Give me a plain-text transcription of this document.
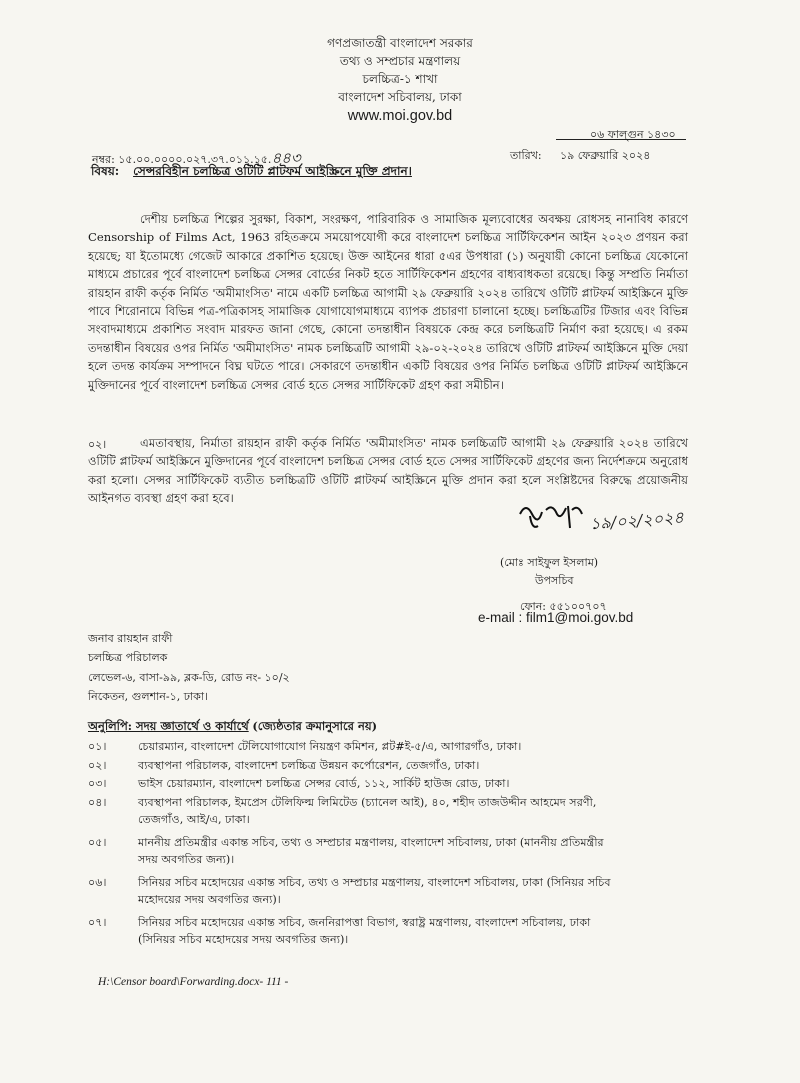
গণপ্রজাতন্ত্রী বাংলাদেশ সরকার
তথ্য ও সম্প্রচার মন্ত্রণালয়
চলচ্চিত্র-১ শাখা
বাংলাদেশ সচিবালয়, ঢাকা
www.moi.gov.bd
০৬ ফাল্গুন ১৪৩০
তারিখ: ১৯ ফেব্রুয়ারি ২০২৪
নম্বর: ১৫.০০.০০০০.০২৭.৩৭.০১১.১৫.৪৪৩
বিষয়: সেন্সরবিহীন চলচ্চিত্র ওটিটি প্লাটফর্ম আইস্ক্রিনে মুক্তি প্রদান।
দেশীয় চলচ্চিত্র শিল্পের সুরক্ষা, বিকাশ, সংরক্ষণ, পারিবারিক ও সামাজিক মূল্যবোধের অবক্ষয় রোধসহ নানাবিধ কারণে Censorship of Films Act, 1963 রহিতক্রমে সময়োপযোগী করে বাংলাদেশ চলচ্চিত্র সার্টিফিকেশন আইন ২০২৩ প্রণয়ন করা হয়েছে; যা ইতোমধ্যে গেজেট আকারে প্রকাশিত হয়েছে। উক্ত আইনের ধারা ৫এর উপধারা (১) অনুযায়ী কোনো চলচ্চিত্র যেকোনো মাধ্যমে প্রচারের পূর্বে বাংলাদেশ চলচ্চিত্র সেন্সর বোর্ডের নিকট হতে সার্টিফিকেশন গ্রহণের বাধ্যবাধকতা রয়েছে। কিন্তু সম্প্রতি নির্মাতা রায়হান রাফী কর্তৃক নির্মিত 'অমীমাংসিত' নামে একটি চলচ্চিত্র আগামী ২৯ ফেব্রুয়ারি ২০২৪ তারিখে ওটিটি প্লাটফর্ম আইস্ক্রিনে মুক্তি পাবে শিরোনামে বিভিন্ন পত্র-পত্রিকাসহ সামাজিক যোগাযোগমাধ্যমে ব্যাপক প্রচারণা চালানো হচ্ছে। চলচ্চিত্রটির টিজার এবং বিভিন্ন সংবাদমাধ্যমে প্রকাশিত সংবাদ মারফত জানা গেছে, কোনো তদন্তাধীন বিষয়কে কেন্দ্র করে চলচ্চিত্রটি নির্মাণ করা হয়েছে। এ রকম তদন্তাধীন বিষয়ের ওপর নির্মিত 'অমীমাংসিত' নামক চলচ্চিত্রটি আগামী ২৯-০২-২০২৪ তারিখে ওটিটি প্লাটফর্ম আইস্ক্রিনে মুক্তি দেয়া হলে তদন্ত কার্যক্রম সম্পাদনে বিঘ্ন ঘটতে পারে। সেকারণে তদন্তাধীন একটি বিষয়ের ওপর নির্মিত চলচ্চিত্র ওটিটি প্লাটফর্ম আইস্ক্রিনে মুক্তিদানের পূর্বে বাংলাদেশ চলচ্চিত্র সেন্সর বোর্ড হতে সেন্সর সার্টিফিকেট গ্রহণ করা সমীচীন।
০২।	এমতাবস্থায়, নির্মাতা রায়হান রাফী কর্তৃক নির্মিত 'অমীমাংসিত' নামক চলচ্চিত্রটি আগামী ২৯ ফেব্রুয়ারি ২০২৪ তারিখে ওটিটি প্লাটফর্ম আইস্ক্রিনে মুক্তিদানের পূর্বে বাংলাদেশ চলচ্চিত্র সেন্সর বোর্ড হতে সেন্সর সার্টিফিকেট গ্রহণের জন্য নির্দেশক্রমে অনুরোধ করা হলো। সেন্সর সার্টিফিকেট ব্যতীত চলচ্চিত্রটি ওটিটি প্লাটফর্ম আইস্ক্রিনে মুক্তি প্রদান করা হলে সংশ্লিষ্টদের বিরুদ্ধে প্রয়োজনীয় আইনগত ব্যবস্থা গ্রহণ করা হবে।
১৯/০২/২০২৪
(মোঃ সাইফুল ইসলাম)
উপসচিব
ফোন: ৫৫১০০৭০৭
e-mail : film1@moi.gov.bd
জনাব রায়হান রাফী
চলচ্চিত্র পরিচালক
লেভেল-৬, বাসা-৯৯, ব্লক-ডি, রোড নং- ১০/২
নিকেতন, গুলশান-১, ঢাকা।
অনুলিপি: সদয় জ্ঞাতার্থে ও কার্যার্থে (জ্যেষ্ঠতার ক্রমানুসারে নয়)
০১।	চেয়ারম্যান, বাংলাদেশ টেলিযোগাযোগ নিয়ন্ত্রণ কমিশন, প্লট#ই-৫/এ, আগারগাঁও, ঢাকা।
০২।	ব্যবস্থাপনা পরিচালক, বাংলাদেশ চলচ্চিত্র উন্নয়ন কর্পোরেশন, তেজগাঁও, ঢাকা।
০৩।	ভাইস চেয়ারম্যান, বাংলাদেশ চলচ্চিত্র সেন্সর বোর্ড, ১১২, সার্কিট হাউজ রোড, ঢাকা।
০৪।	ব্যবস্থাপনা পরিচালক, ইমপ্রেস টেলিফিল্ম লিমিটেড (চ্যানেল আই), ৪০, শহীদ তাজউদ্দীন আহমেদ সরণী,
তেজগাঁও, আই/এ, ঢাকা।
০৫।	মাননীয় প্রতিমন্ত্রীর একান্ত সচিব, তথ্য ও সম্প্রচার মন্ত্রণালয়, বাংলাদেশ সচিবালয়, ঢাকা (মাননীয় প্রতিমন্ত্রীর
সদয় অবগতির জন্য)।
০৬।	সিনিয়র সচিব মহোদয়ের একান্ত সচিব, তথ্য ও সম্প্রচার মন্ত্রণালয়, বাংলাদেশ সচিবালয়, ঢাকা (সিনিয়র সচিব
মহোদয়ের সদয় অবগতির জন্য)।
০৭।	সিনিয়র সচিব মহোদয়ের একান্ত সচিব, জননিরাপত্তা বিভাগ, স্বরাষ্ট্র মন্ত্রণালয়, বাংলাদেশ সচিবালয়, ঢাকা
(সিনিয়র সচিব মহোদয়ের সদয় অবগতির জন্য)।
H:\Censor board\Forwarding.docx- 111 -
